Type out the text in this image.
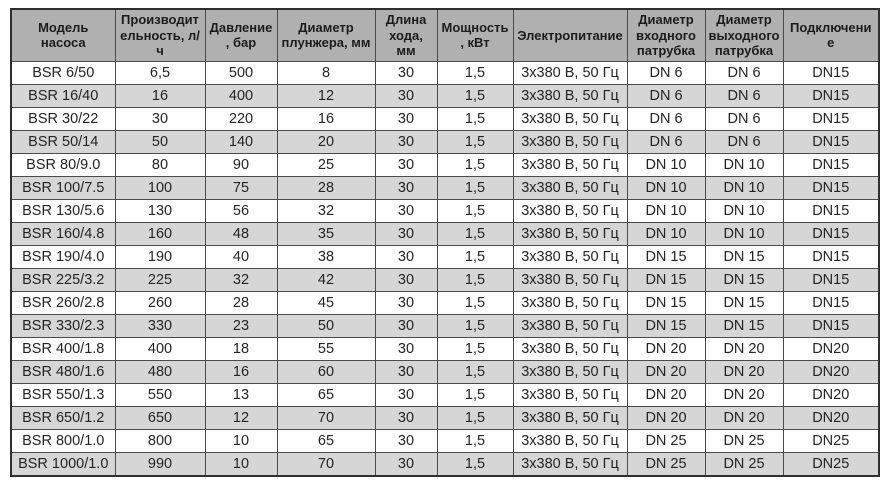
Модель насоса	Производительность, л/ч	Давление, бар	Диаметр плунжера, мм	Длина хода, мм	Мощность, кВт	Электропитание	Диаметр входного патрубка	Диаметр выходного патрубка	Подключение
BSR 6/50	6,5	500	8	30	1,5	3х380 В, 50 Гц	DN 6	DN 6	DN15
BSR 16/40	16	400	12	30	1,5	3х380 В, 50 Гц	DN 6	DN 6	DN15
BSR 30/22	30	220	16	30	1,5	3х380 В, 50 Гц	DN 6	DN 6	DN15
BSR 50/14	50	140	20	30	1,5	3х380 В, 50 Гц	DN 6	DN 6	DN15
BSR 80/9.0	80	90	25	30	1,5	3х380 В, 50 Гц	DN 10	DN 10	DN15
BSR 100/7.5	100	75	28	30	1,5	3х380 В, 50 Гц	DN 10	DN 10	DN15
BSR 130/5.6	130	56	32	30	1,5	3х380 В, 50 Гц	DN 10	DN 10	DN15
BSR 160/4.8	160	48	35	30	1,5	3х380 В, 50 Гц	DN 10	DN 10	DN15
BSR 190/4.0	190	40	38	30	1,5	3х380 В, 50 Гц	DN 15	DN 15	DN15
BSR 225/3.2	225	32	42	30	1,5	3х380 В, 50 Гц	DN 15	DN 15	DN15
BSR 260/2.8	260	28	45	30	1,5	3х380 В, 50 Гц	DN 15	DN 15	DN15
BSR 330/2.3	330	23	50	30	1,5	3х380 В, 50 Гц	DN 15	DN 15	DN15
BSR 400/1.8	400	18	55	30	1,5	3х380 В, 50 Гц	DN 20	DN 20	DN20
BSR 480/1.6	480	16	60	30	1,5	3х380 В, 50 Гц	DN 20	DN 20	DN20
BSR 550/1.3	550	13	65	30	1,5	3х380 В, 50 Гц	DN 20	DN 20	DN20
BSR 650/1.2	650	12	70	30	1,5	3х380 В, 50 Гц	DN 20	DN 20	DN20
BSR 800/1.0	800	10	65	30	1,5	3х380 В, 50 Гц	DN 25	DN 25	DN25
BSR 1000/1.0	990	10	70	30	1,5	3х380 В, 50 Гц	DN 25	DN 25	DN25
